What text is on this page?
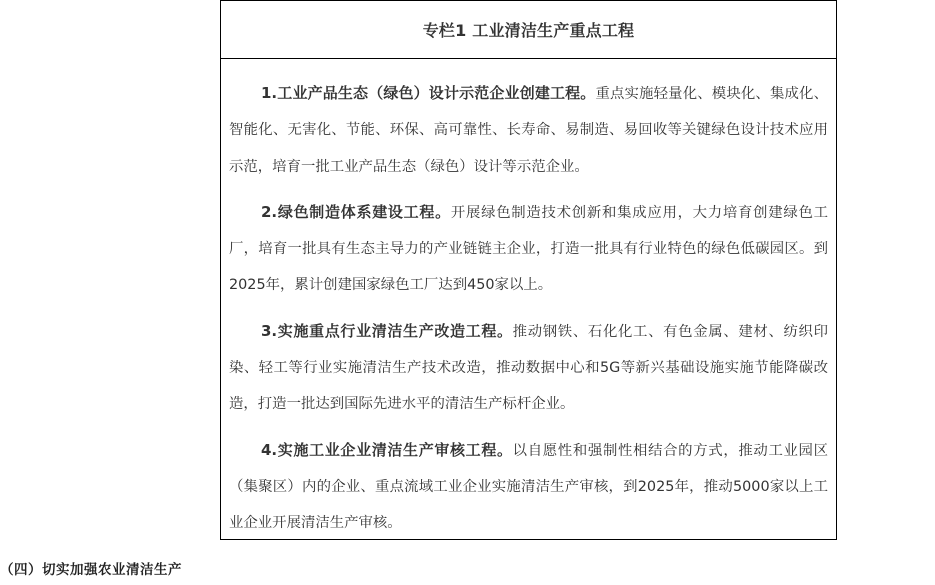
专栏1 工业清洁生产重点工程

1.工业产品生态（绿色）设计示范企业创建工程。重点实施轻量化、模块化、集成化、智能化、无害化、节能、环保、高可靠性、长寿命、易制造、易回收等关键绿色设计技术应用示范，培育一批工业产品生态（绿色）设计等示范企业。

2.绿色制造体系建设工程。开展绿色制造技术创新和集成应用，大力培育创建绿色工厂，培育一批具有生态主导力的产业链链主企业，打造一批具有行业特色的绿色低碳园区。到2025年，累计创建国家绿色工厂达到450家以上。

3.实施重点行业清洁生产改造工程。推动钢铁、石化化工、有色金属、建材、纺织印染、轻工等行业实施清洁生产技术改造，推动数据中心和5G等新兴基础设施实施节能降碳改造，打造一批达到国际先进水平的清洁生产标杆企业。

4.实施工业企业清洁生产审核工程。以自愿性和强制性相结合的方式，推动工业园区（集聚区）内的企业、重点流域工业企业实施清洁生产审核，到2025年，推动5000家以上工业企业开展清洁生产审核。

（四）切实加强农业清洁生产
